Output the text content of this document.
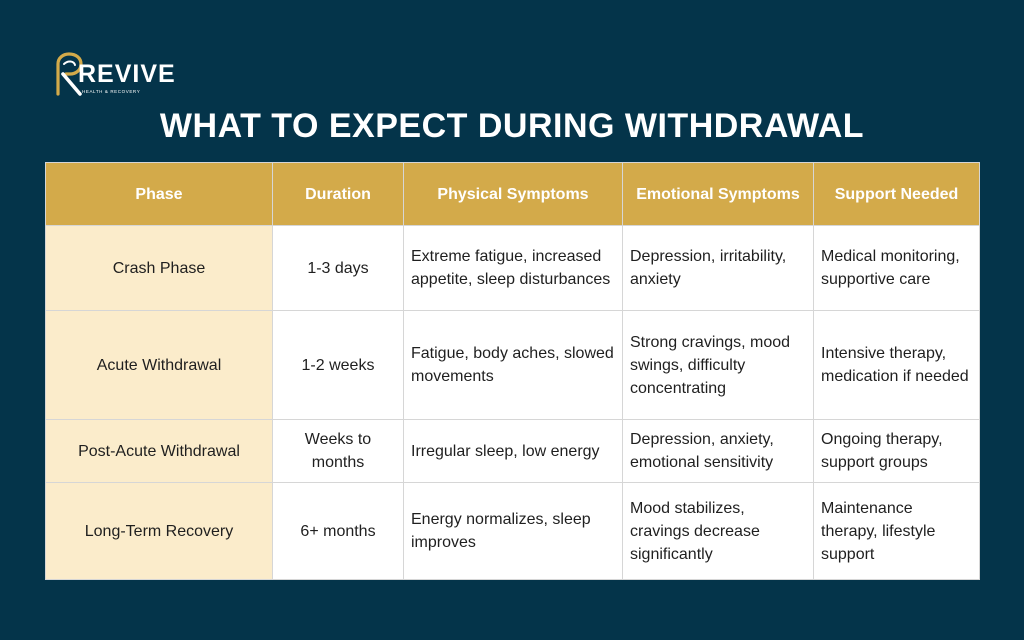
REVIVE
HEALTH & RECOVERY
WHAT TO EXPECT DURING WITHDRAWAL
Phase	Duration	Physical Symptoms	Emotional Symptoms	Support Needed
Crash Phase	1-3 days	Extreme fatigue, increased appetite, sleep disturbances	Depression, irritability, anxiety	Medical monitoring, supportive care
Acute Withdrawal	1-2 weeks	Fatigue, body aches, slowed movements	Strong cravings, mood swings, difficulty concentrating	Intensive therapy, medication if needed
Post-Acute Withdrawal	Weeks to months	Irregular sleep, low energy	Depression, anxiety, emotional sensitivity	Ongoing therapy, support groups
Long-Term Recovery	6+ months	Energy normalizes, sleep improves	Mood stabilizes, cravings decrease significantly	Maintenance therapy, lifestyle support
